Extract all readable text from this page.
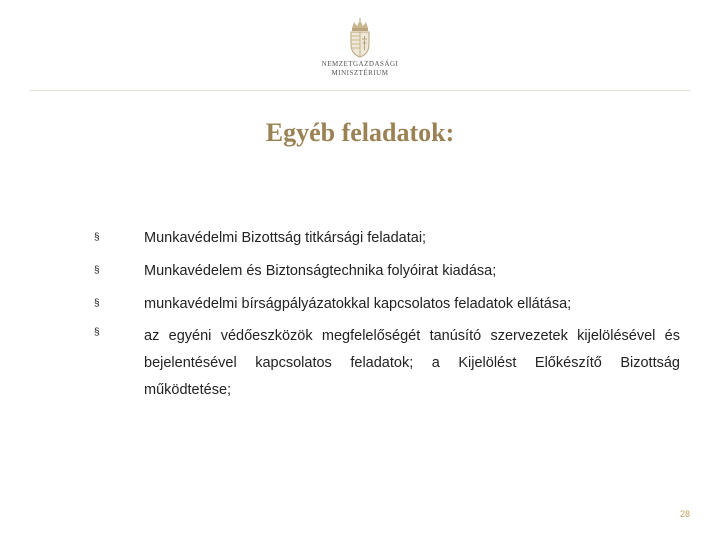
NEMZETGAZDASÁGI
MINISZTÉRIUM
Egyéb feladatok:
§	Munkavédelmi Bizottság titkársági feladatai;
§	Munkavédelem és Biztonságtechnika folyóirat kiadása;
§	munkavédelmi bírságpályázatokkal kapcsolatos feladatok ellátása;
§	az egyéni védőeszközök megfelelőségét tanúsító szervezetek kijelölésével és bejelentésével kapcsolatos feladatok; a Kijelölést Előkészítő Bizottság működtetése;
28
